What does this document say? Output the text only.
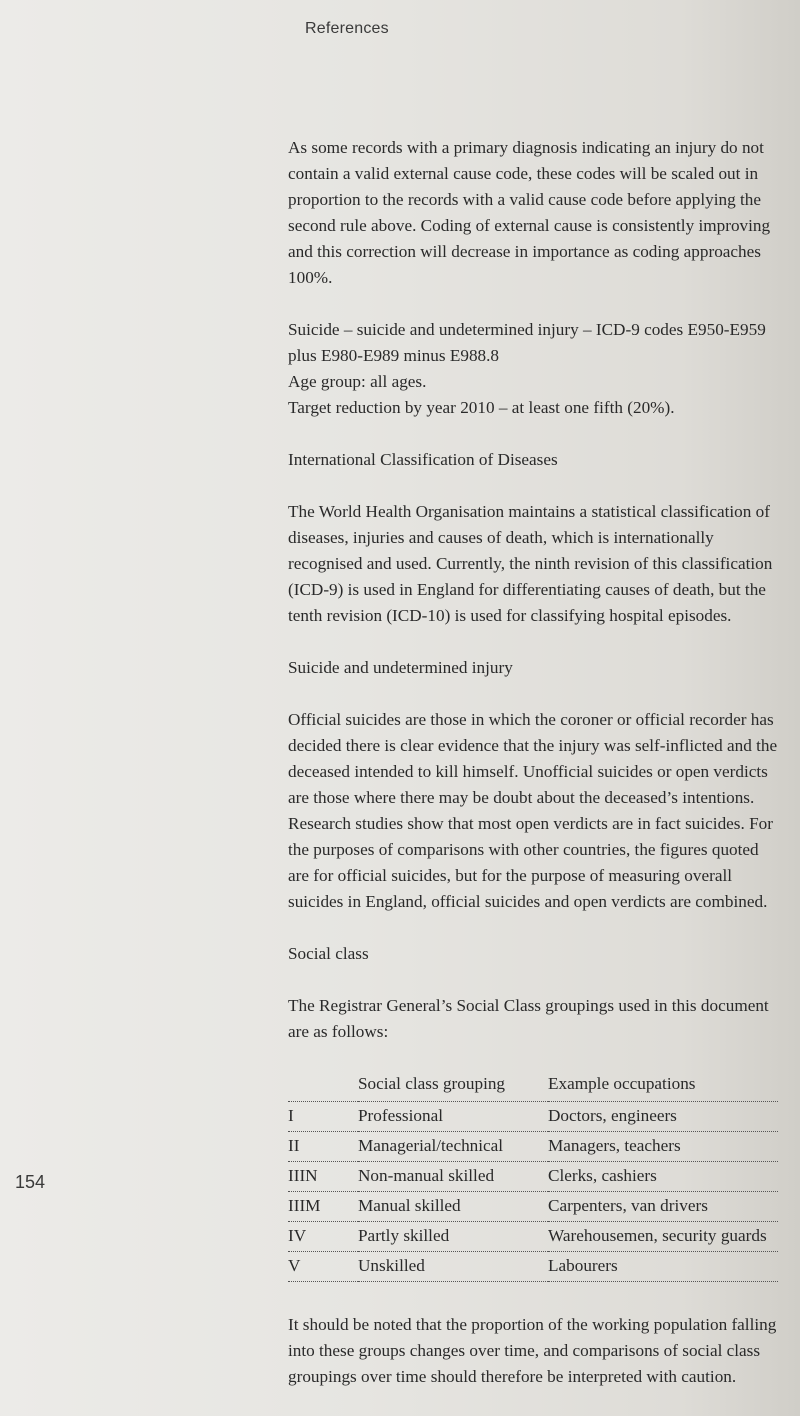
References

As some records with a primary diagnosis indicating an injury do not contain a valid external cause code, these codes will be scaled out in proportion to the records with a valid cause code before applying the second rule above. Coding of external cause is consistently improving and this correction will decrease in importance as coding approaches 100%.

Suicide – suicide and undetermined injury – ICD-9 codes E950-E959 plus E980-E989 minus E988.8

Age group: all ages.

Target reduction by year 2010 – at least one fifth (20%).

International Classification of Diseases

The World Health Organisation maintains a statistical classification of diseases, injuries and causes of death, which is internationally recognised and used. Currently, the ninth revision of this classification (ICD-9) is used in England for differentiating causes of death, but the tenth revision (ICD-10) is used for classifying hospital episodes.

Suicide and undetermined injury

Official suicides are those in which the coroner or official recorder has decided there is clear evidence that the injury was self-inflicted and the deceased intended to kill himself. Unofficial suicides or open verdicts are those where there may be doubt about the deceased’s intentions. Research studies show that most open verdicts are in fact suicides. For the purposes of comparisons with other countries, the figures quoted are for official suicides, but for the purpose of measuring overall suicides in England, official suicides and open verdicts are combined.

Social class

The Registrar General’s Social Class groupings used in this document are as follows:

	Social class grouping	Example occupations
I	Professional	Doctors, engineers
II	Managerial/technical	Managers, teachers
IIIN	Non-manual skilled	Clerks, cashiers
IIIM	Manual skilled	Carpenters, van drivers
IV	Partly skilled	Warehousemen, security guards
V	Unskilled	Labourers

It should be noted that the proportion of the working population falling into these groups changes over time, and comparisons of social class groupings over time should therefore be interpreted with caution.

154
